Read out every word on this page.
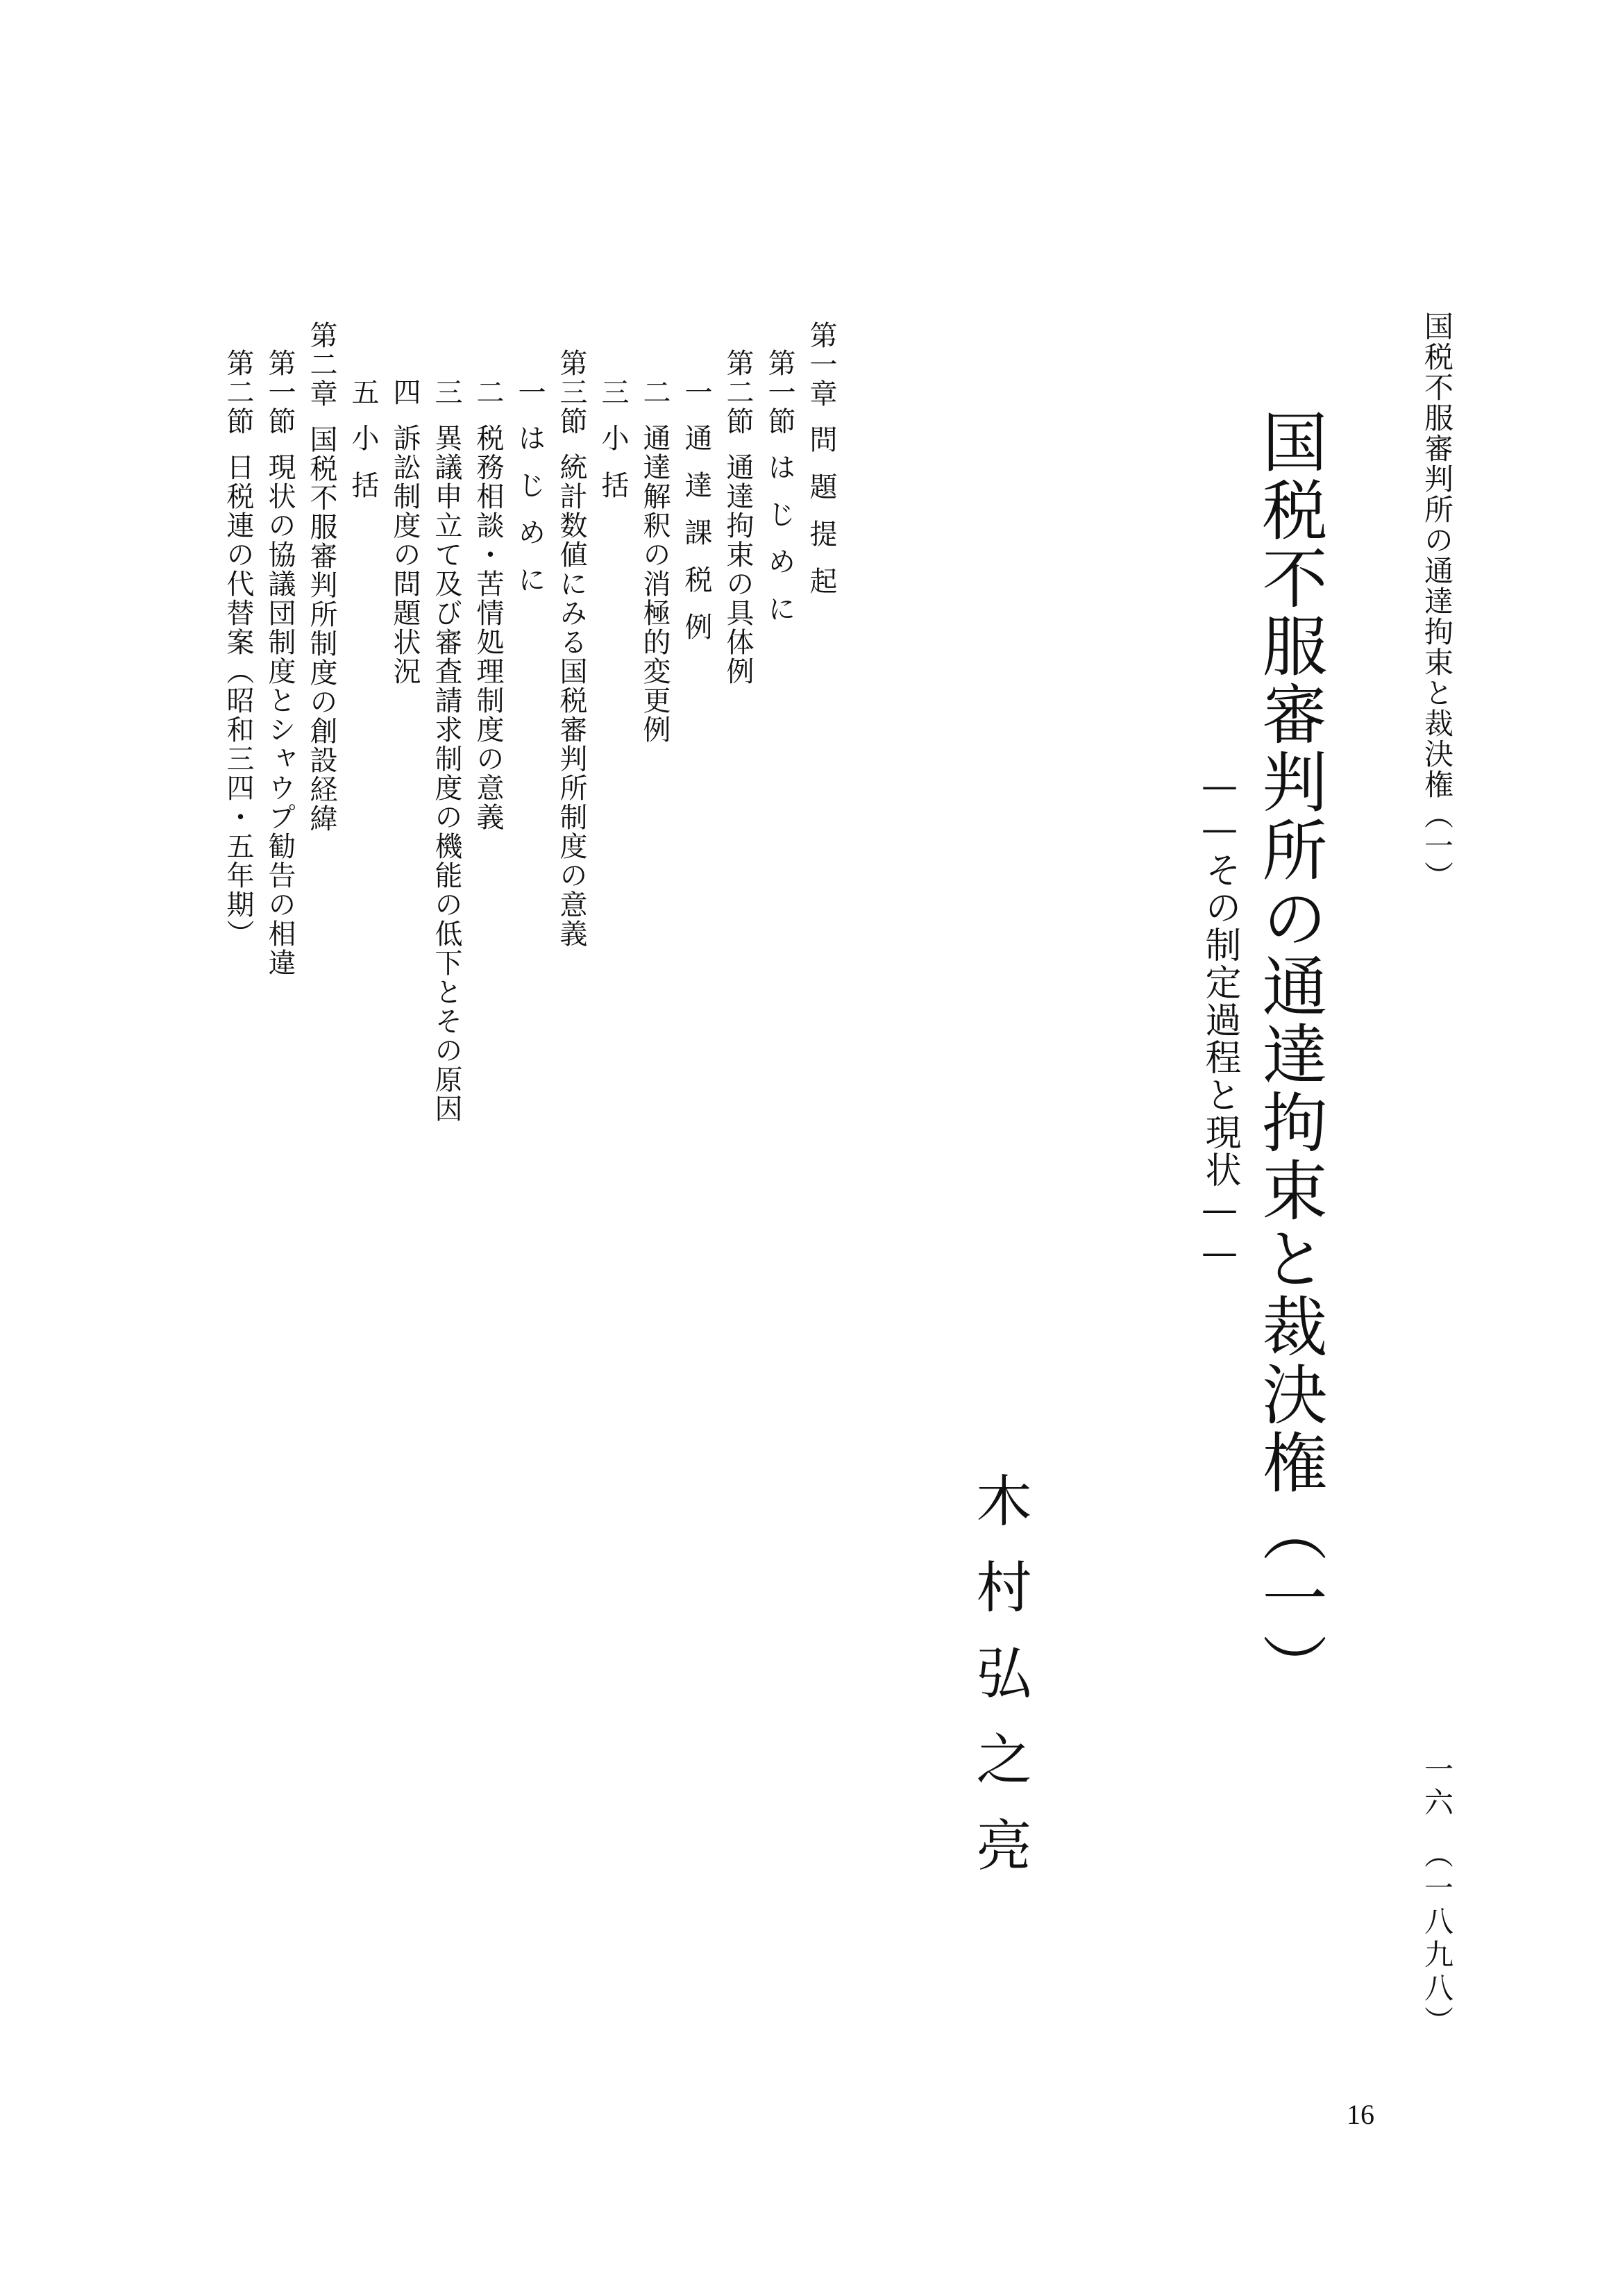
国税不服審判所の通達拘束と裁決権（一）
一六　（一八九八）
国税不服審判所の通達拘束と裁決権（一）
——その制定過程と現状——
木村弘之亮
第一章問題提起
第一節はじめに
第二節通達拘束の具体例
一通達課税例
二通達解釈の消極的変更例
三小括
第三節統計数値にみる国税審判所制度の意義
一はじめに
二税務相談・苦情処理制度の意義
三異議申立て及び審査請求制度の機能の低下とその原因
四訴訟制度の問題状況
五小括
第二章国税不服審判所制度の創設経緯
第一節現状の協議団制度とシャウプ勧告の相違
第二節日税連の代替案（昭和三四・五年期）
16
